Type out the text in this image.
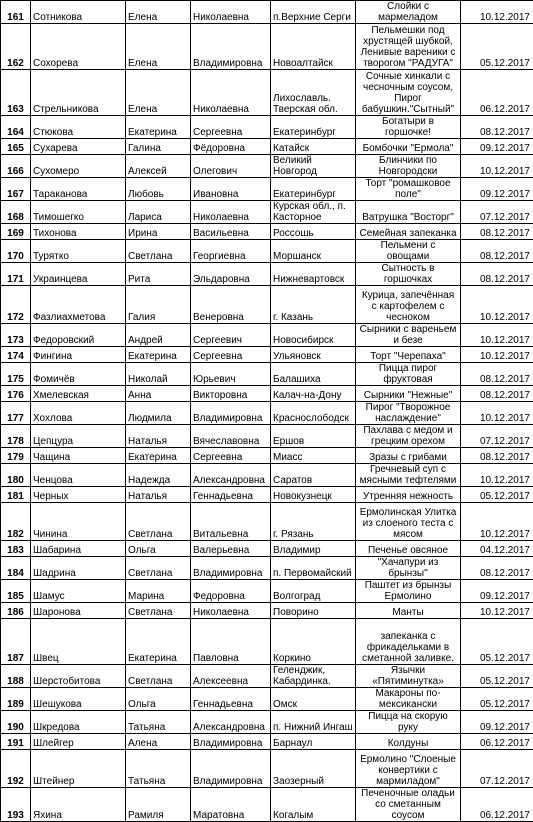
161	Сотникова	Елена	Николаевна	п.Верхние Серги	Слойки с мармеладом	10.12.2017
162	Сохорева	Елена	Владимировна	Новоалтайск	Пельмешки под хрустящей шубкой, Ленивые вареники с творогом "РАДУГА"	05.12.2017
163	Стрельникова	Елена	Николаевна	Лихославль. Тверская обл.	Сочные хинкали с чесночным соусом, Пирог бабушкин."Сытный"	06.12.2017
164	Стюкова	Екатерина	Сергеевна	Екатеринбург	Богатыри в горшочке!	08.12.2017
165	Сухарева	Галина	Фёдоровна	Катайск	Бомбочки "Ермола"	09.12.2017
166	Сухомеро	Алексей	Олегович	Великий Новгород	Блинчики по Новгородски	10.12.2017
167	Тараканова	Любовь	Ивановна	Екатеринбург	Торт "ромашковое поле"	09.12.2017
168	Тимошегко	Лариса	Николаевна	Курская обл., п. Касторное	Ватрушка "Восторг"	07.12.2017
169	Тихонова	Ирина	Васильевна	Россошь	Семейная запеканка	08.12.2017
170	Турятко	Светлана	Георгиевна	Моршанск	Пельмени с овощами	08.12.2017
171	Украинцева	Рита	Эльдаровна	Нижневартовск	Сытность в горшочках	08.12.2017
172	Фазлиахметова	Галия	Венеровна	г. Казань	Курица, запечённая с картофелем с чесноком	10.12.2017
173	Федоровский	Андрей	Сергеевич	Новосибирск	Сырники с вареньем и безе	10.12.2017
174	Фингина	Екатерина	Сергеевна	Ульяновск	Торт "Черепаха"	10.12.2017
175	Фомичёв	Николай	Юрьевич	Балашиха	Пицца пирог фруктовая	08.12.2017
176	Хмелевская	Анна	Викторовна	Калач-на-Дону	Сырники "Нежные"	08.12.2017
177	Хохлова	Людмила	Владимировна	Краснослободск	Пирог "Творожное наслаждение"	10.12.2017
178	Цепцура	Наталья	Вячеславовна	Ершов	Пахлава с медом и грецким орехом	07.12.2017
179	Чащина	Екатерина	Сергеевна	Миасс	Зразы с грибами	08.12.2017
180	Ченцова	Надежда	Александровна	Саратов	Гречневый суп с мясными тефтелями	10.12.2017
181	Черных	Наталья	Геннадьевна	Новокузнецк	Утренняя нежность	05.12.2017
182	Чинина	Светлана	Витальевна	г. Рязань	Ермолинская Улитка из слоеного теста с мясом	10.12.2017
183	Шабарина	Ольга	Валерьевна	Владимир	Печенье овсяное	04.12.2017
184	Шадрина	Светлана	Владимировна	п. Первомайский	"Хачапури из брынзы"	08.12.2017
185	Шамус	Марина	Федоровна	Волгоград	Паштет из брынзы Ермолино	09.12.2017
186	Шаронова	Светлана	Николаевна	Поворино	Манты	10.12.2017
187	Швец	Екатерина	Павловна	Коркино	запеканка с фрикадельками в сметанной заливке.	05.12.2017
188	Шерстобитова	Светлана	Алексеевна	Геленджик, Кабардинка.	Язычки «Пятиминутка»	05.12.2017
189	Шешукова	Ольга	Геннадьевна	Омск	Макароны по-мексикански	05.12.2017
190	Шкредова	Татьяна	Александровна	п. Нижний Ингаш	Пицца на скорую руку	09.12.2017
191	Шлейгер	Алена	Владимировна	Барнаул	Колдуны	06.12.2017
192	Штейнер	Татьяна	Владимировна	Заозерный	Ермолино "Слоеные конвертики с мармиладом"	07.12.2017
193	Яхина	Рамиля	Маратовна	Когалым	Печеночные оладьи со сметанным соусом	06.12.2017
